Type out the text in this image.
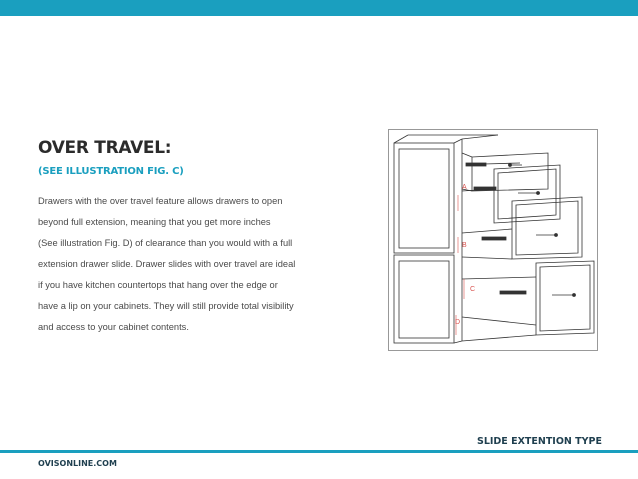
OVER TRAVEL:
(SEE ILLUSTRATION FIG. C)
Drawers with the over travel feature allows drawers to open
beyond full extension, meaning that you get more inches
(See illustration Fig. D) of clearance than you would with a full
extension drawer slide. Drawer slides with over travel are ideal
if you have kitchen countertops that hang over the edge or
have a lip on your cabinets. They will still provide total visibility
and access to your cabinet contents.
A
B
C
D
SLIDE EXTENTION TYPE
OVISONLINE.COM
